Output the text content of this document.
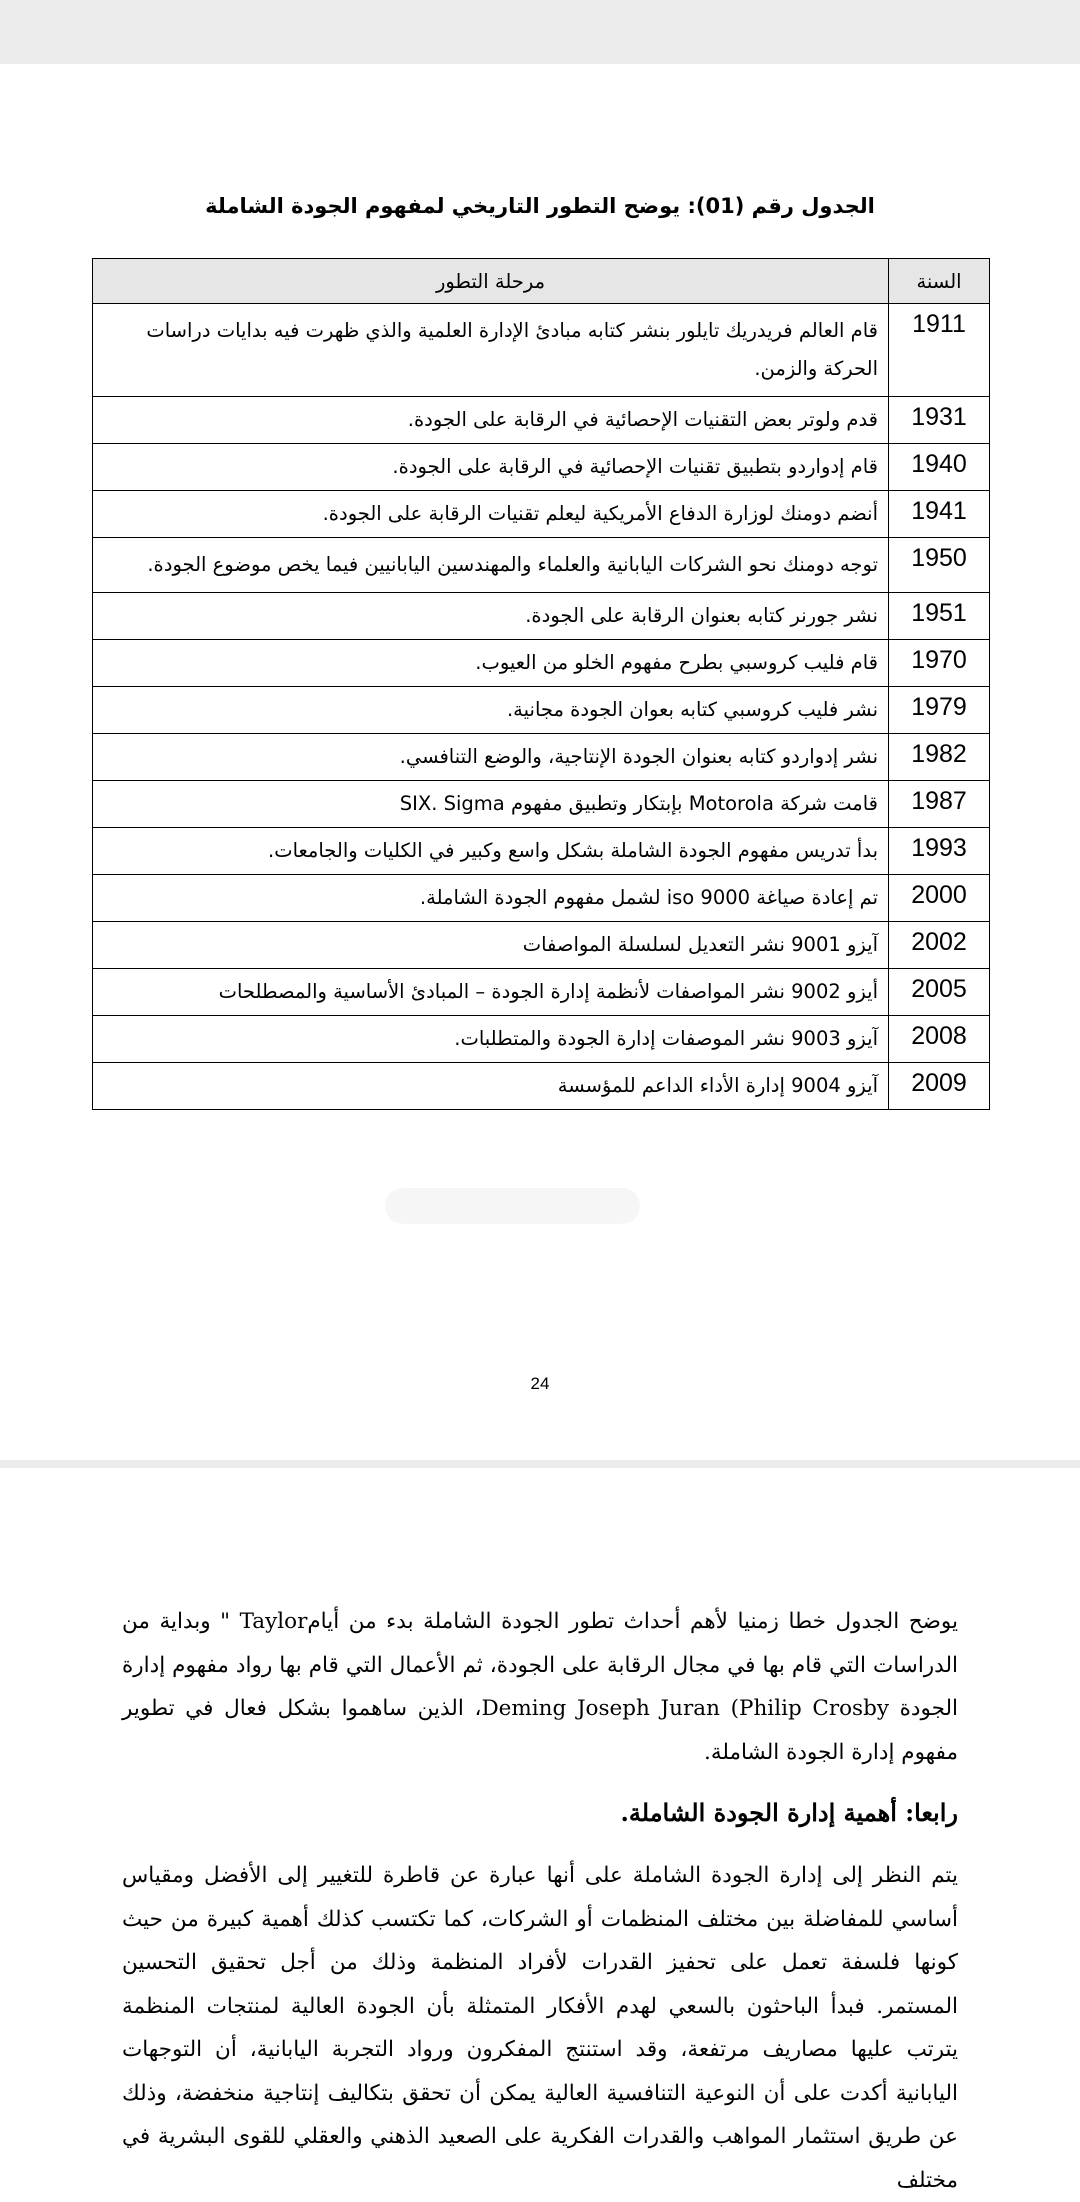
الجدول رقم (01): يوضح التطور التاريخي لمفهوم الجودة الشاملة
السنة	مرحلة التطور
1911	قام العالم فريدريك تايلور بنشر كتابه مبادئ الإدارة العلمية والذي ظهرت فيه بدايات دراسات الحركة والزمن.
1931	قدم ولوتر بعض التقنيات الإحصائية في الرقابة على الجودة.
1940	قام إدواردو بتطبيق تقنيات الإحصائية في الرقابة على الجودة.
1941	أنضم دومنك لوزارة الدفاع الأمريكية ليعلم تقنيات الرقابة على الجودة.
1950	توجه دومنك نحو الشركات اليابانية والعلماء والمهندسين اليابانيين فيما يخص موضوع الجودة.
1951	نشر جورنر كتابه بعنوان الرقابة على الجودة.
1970	قام فليب كروسبي بطرح مفهوم الخلو من العيوب.
1979	نشر فليب كروسبي كتابه بعوان الجودة مجانية.
1982	نشر إدواردو كتابه بعنوان الجودة الإنتاجية، والوضع التنافسي.
1987	قامت شركة Motorola بإبتكار وتطبيق مفهوم SIX. Sigma
1993	بدأ تدريس مفهوم الجودة الشاملة بشكل واسع وكبير في الكليات والجامعات.
2000	تم إعادة صياغة iso 9000 لشمل مفهوم الجودة الشاملة.
2002	آيزو 9001 نشر التعديل لسلسلة المواصفات
2005	أيزو 9002 نشر المواصفات لأنظمة إدارة الجودة – المبادئ الأساسية والمصطلحات
2008	آيزو 9003 نشر الموصفات إدارة الجودة والمتطلبات.
2009	آيزو 9004 إدارة الأداء الداعم للمؤسسة
24
يوضح الجدول خطا زمنيا لأهم أحداث تطور الجودة الشاملة بدء من أيامTaylor " وبداية من الدراسات التي قام بها في مجال الرقابة على الجودة، ثم الأعمال التي قام بها رواد مفهوم إدارة الجودة Deming Joseph Juran (Philip Crosby، الذين ساهموا بشكل فعال في تطوير مفهوم إدارة الجودة الشاملة.
رابعا: أهمية إدارة الجودة الشاملة.
يتم النظر إلى إدارة الجودة الشاملة على أنها عبارة عن قاطرة للتغيير إلى الأفضل ومقياس أساسي للمفاضلة بين مختلف المنظمات أو الشركات، كما تكتسب كذلك أهمية كبيرة من حيث كونها فلسفة تعمل على تحفيز القدرات لأفراد المنظمة وذلك من أجل تحقيق التحسين المستمر. فبدأ الباحثون بالسعي لهدم الأفكار المتمثلة بأن الجودة العالية لمنتجات المنظمة يترتب عليها مصاريف مرتفعة، وقد استنتج المفكرون ورواد التجربة اليابانية، أن التوجهات اليابانية أكدت على أن النوعية التنافسية العالية يمكن أن تحقق بتكاليف إنتاجية منخفضة، وذلك عن طريق استثمار المواهب والقدرات الفكرية على الصعيد الذهني والعقلي للقوى البشرية في مختلف
